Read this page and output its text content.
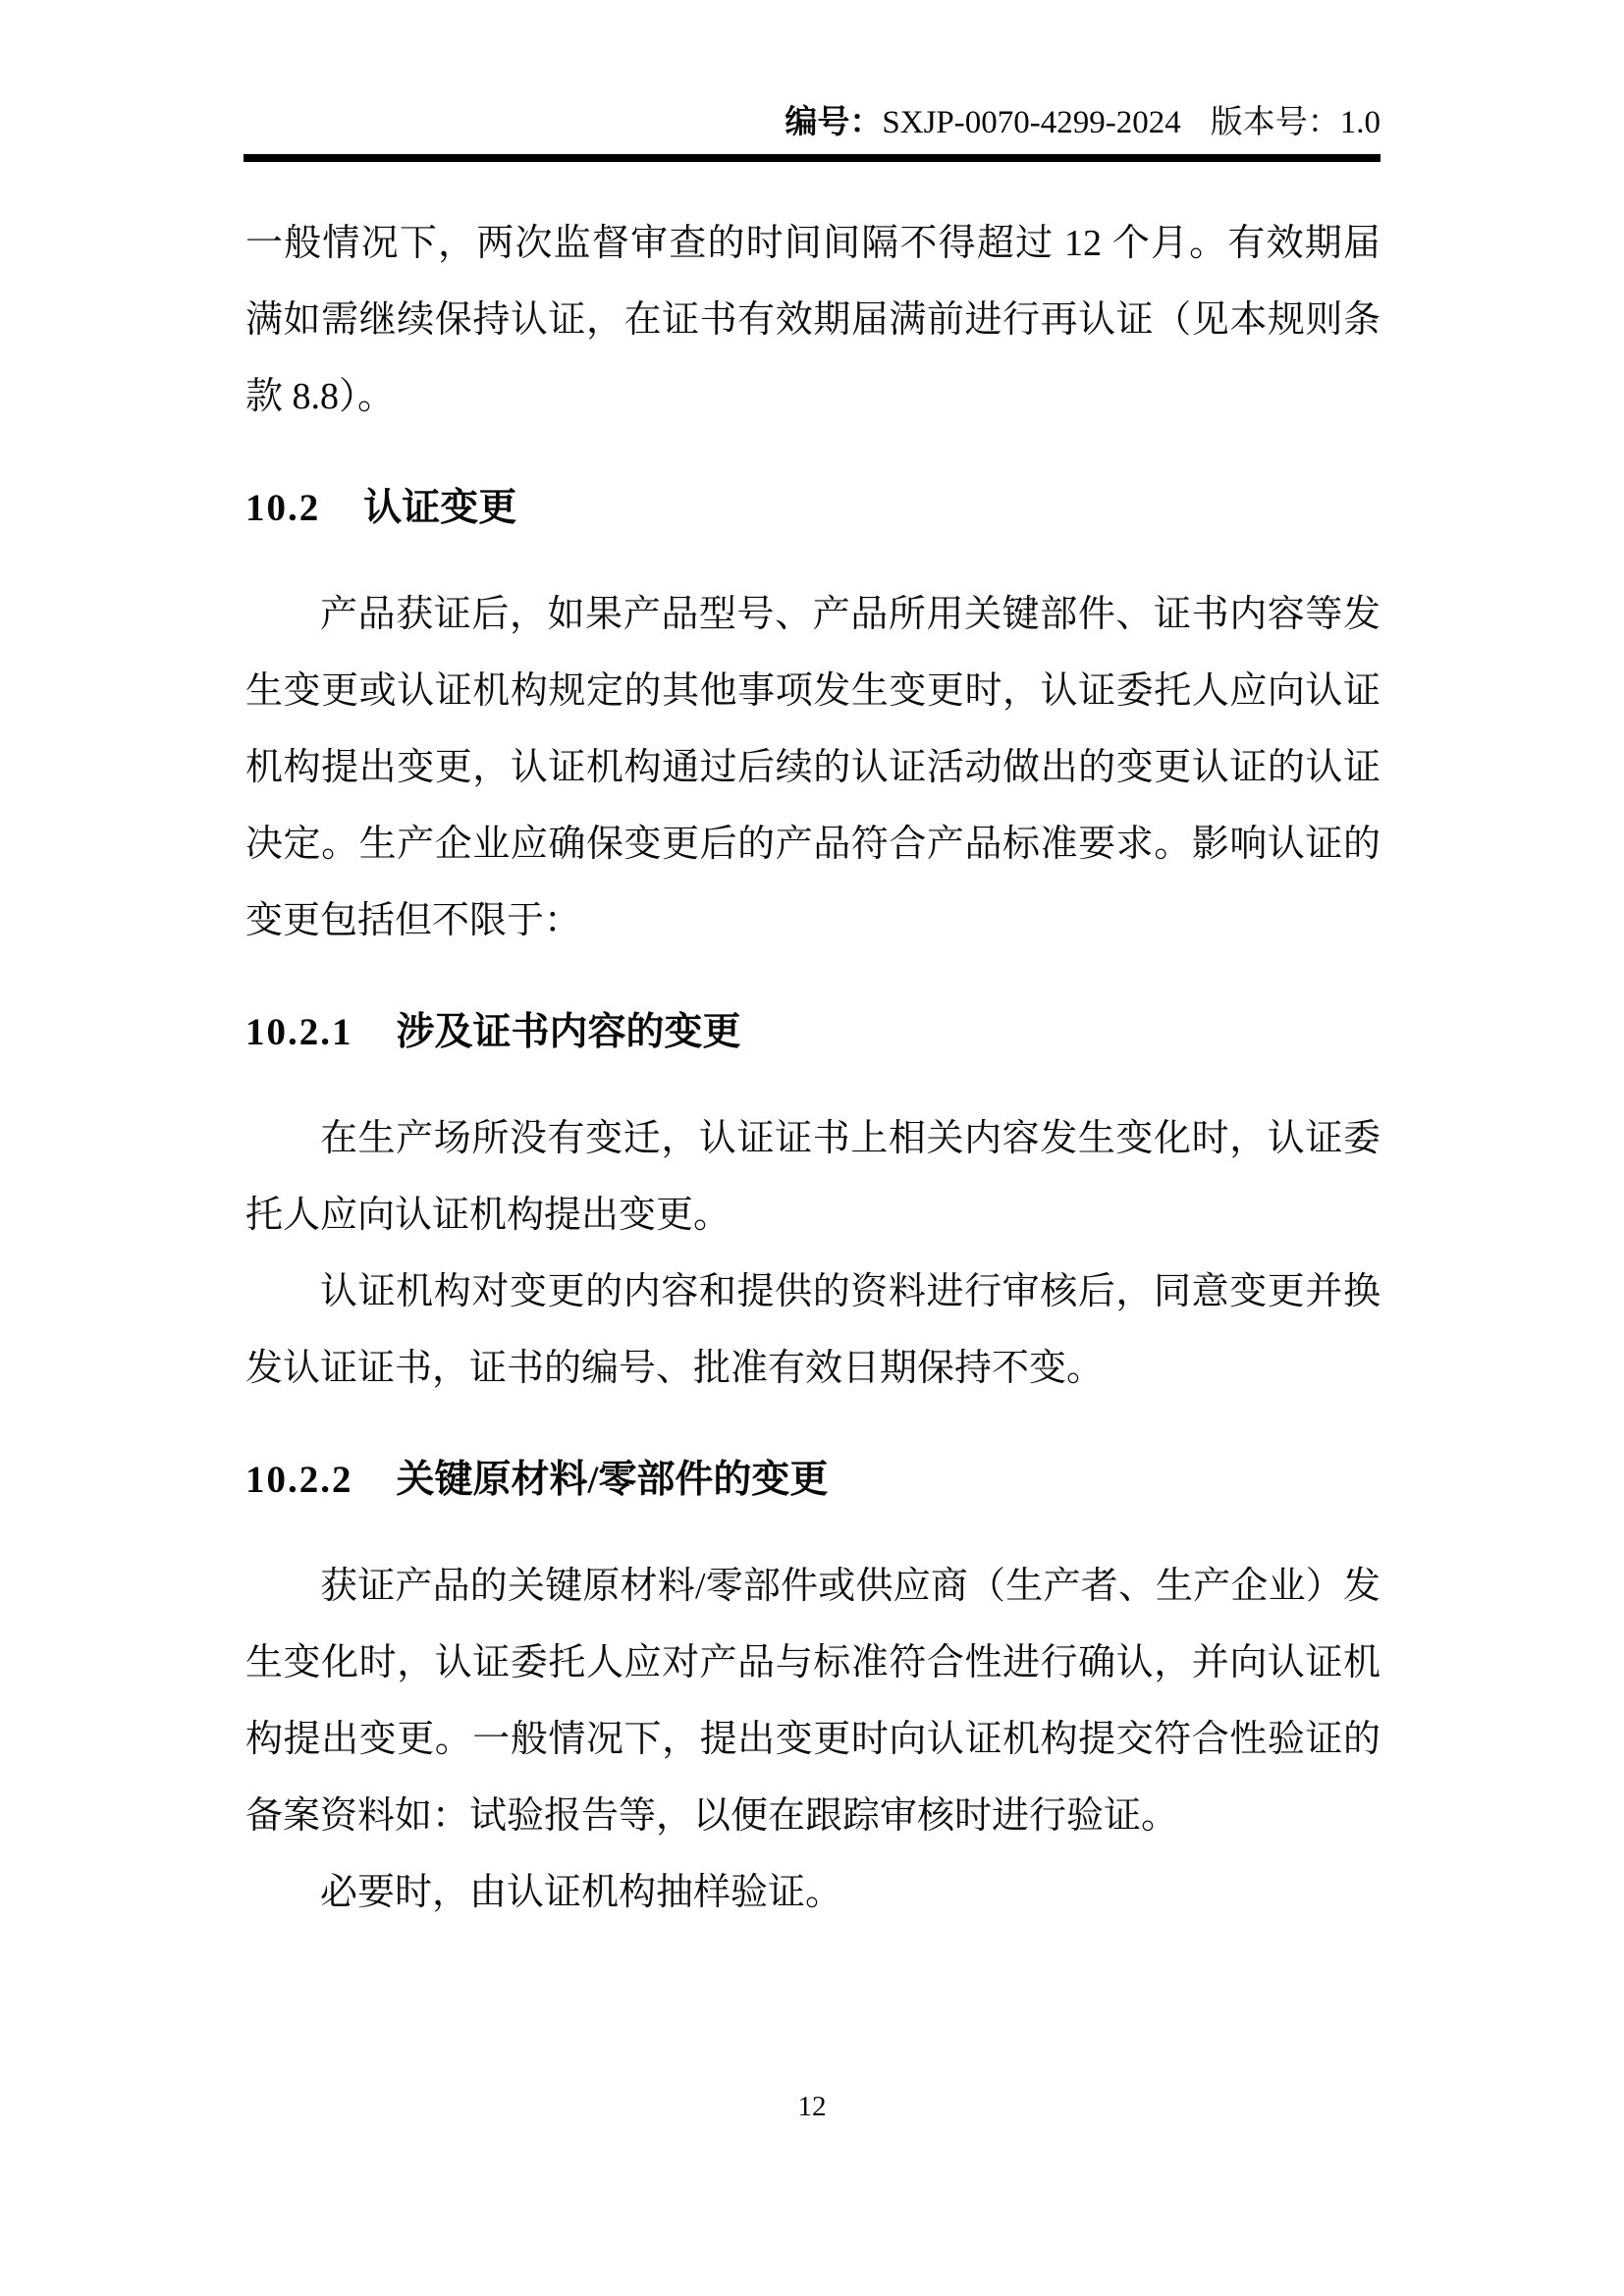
编号：SXJP-0070-4299-2024 版本号：1.0

一般情况下，两次监督审查的时间间隔不得超过 12 个月。有效期届满如需继续保持认证，在证书有效期届满前进行再认证（见本规则条款 8.8）。

10.2 认证变更

产品获证后，如果产品型号、产品所用关键部件、证书内容等发生变更或认证机构规定的其他事项发生变更时，认证委托人应向认证机构提出变更，认证机构通过后续的认证活动做出的变更认证的认证决定。生产企业应确保变更后的产品符合产品标准要求。影响认证的变更包括但不限于：

10.2.1 涉及证书内容的变更

在生产场所没有变迁，认证证书上相关内容发生变化时，认证委托人应向认证机构提出变更。

认证机构对变更的内容和提供的资料进行审核后，同意变更并换发认证证书，证书的编号、批准有效日期保持不变。

10.2.2 关键原材料/零部件的变更

获证产品的关键原材料/零部件或供应商（生产者、生产企业）发生变化时，认证委托人应对产品与标准符合性进行确认，并向认证机构提出变更。一般情况下，提出变更时向认证机构提交符合性验证的备案资料如：试验报告等，以便在跟踪审核时进行验证。

必要时，由认证机构抽样验证。

12
